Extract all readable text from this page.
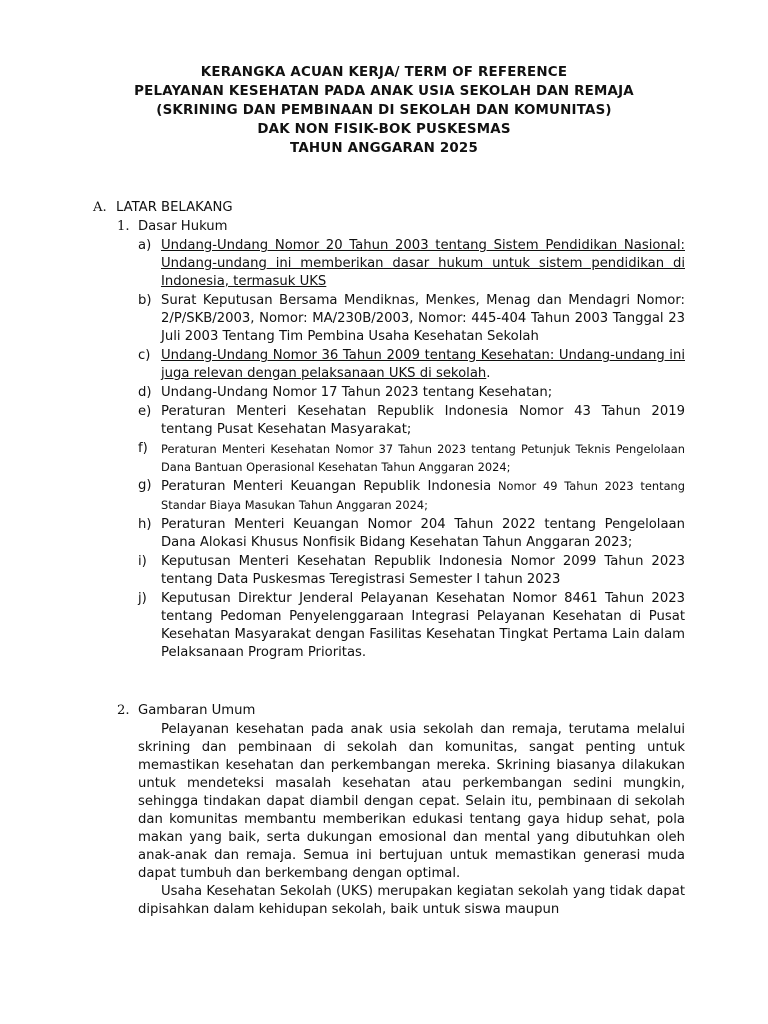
KERANGKA ACUAN KERJA/ TERM OF REFERENCE
PELAYANAN KESEHATAN PADA ANAK USIA SEKOLAH DAN REMAJA
(SKRINING DAN PEMBINAAN DI SEKOLAH DAN KOMUNITAS)
DAK NON FISIK-BOK PUSKESMAS
TAHUN ANGGARAN 2025
A. LATAR BELAKANG
1. Dasar Hukum
a) Undang-Undang Nomor 20 Tahun 2003 tentang Sistem Pendidikan Nasional: Undang-undang ini memberikan dasar hukum untuk sistem pendidikan di Indonesia, termasuk UKS
b) Surat Keputusan Bersama Mendiknas, Menkes, Menag dan Mendagri Nomor: 2/P/SKB/2003, Nomor: MA/230B/2003, Nomor: 445-404 Tahun 2003 Tanggal 23 Juli 2003 Tentang Tim Pembina Usaha Kesehatan Sekolah
c) Undang-Undang Nomor 36 Tahun 2009 tentang Kesehatan: Undang-undang ini juga relevan dengan pelaksanaan UKS di sekolah.
d) Undang-Undang Nomor 17 Tahun 2023 tentang Kesehatan;
e) Peraturan Menteri Kesehatan Republik Indonesia Nomor 43 Tahun 2019 tentang Pusat Kesehatan Masyarakat;
f)	Peraturan Menteri Kesehatan Nomor 37 Tahun 2023 tentang Petunjuk Teknis Pengelolaan Dana Bantuan Operasional Kesehatan Tahun Anggaran 2024;
g) Peraturan Menteri Keuangan Republik Indonesia Nomor 49 Tahun 2023 tentang Standar Biaya Masukan Tahun Anggaran 2024;
h) Peraturan Menteri Keuangan Nomor 204 Tahun 2022 tentang Pengelolaan Dana Alokasi Khusus Nonfisik Bidang Kesehatan Tahun Anggaran 2023;
i)	Keputusan Menteri Kesehatan Republik Indonesia Nomor 2099 Tahun 2023 tentang Data Puskesmas Teregistrasi Semester I tahun 2023
j)	Keputusan Direktur Jenderal Pelayanan Kesehatan Nomor 8461 Tahun 2023 tentang Pedoman Penyelenggaraan Integrasi Pelayanan Kesehatan di Pusat Kesehatan Masyarakat dengan Fasilitas Kesehatan Tingkat Pertama Lain dalam Pelaksanaan Program Prioritas.
2. Gambaran Umum

Pelayanan kesehatan pada anak usia sekolah dan remaja, terutama melalui skrining dan pembinaan di sekolah dan komunitas, sangat penting untuk memastikan kesehatan dan perkembangan mereka. Skrining biasanya dilakukan untuk mendeteksi masalah kesehatan atau perkembangan sedini mungkin, sehingga tindakan dapat diambil dengan cepat. Selain itu, pembinaan di sekolah dan komunitas membantu memberikan edukasi tentang gaya hidup sehat, pola makan yang baik, serta dukungan emosional dan mental yang dibutuhkan oleh anak-anak dan remaja. Semua ini bertujuan untuk memastikan generasi muda dapat tumbuh dan berkembang dengan optimal.

Usaha Kesehatan Sekolah (UKS) merupakan kegiatan sekolah yang tidak dapat dipisahkan dalam kehidupan sekolah, baik untuk siswa maupun
